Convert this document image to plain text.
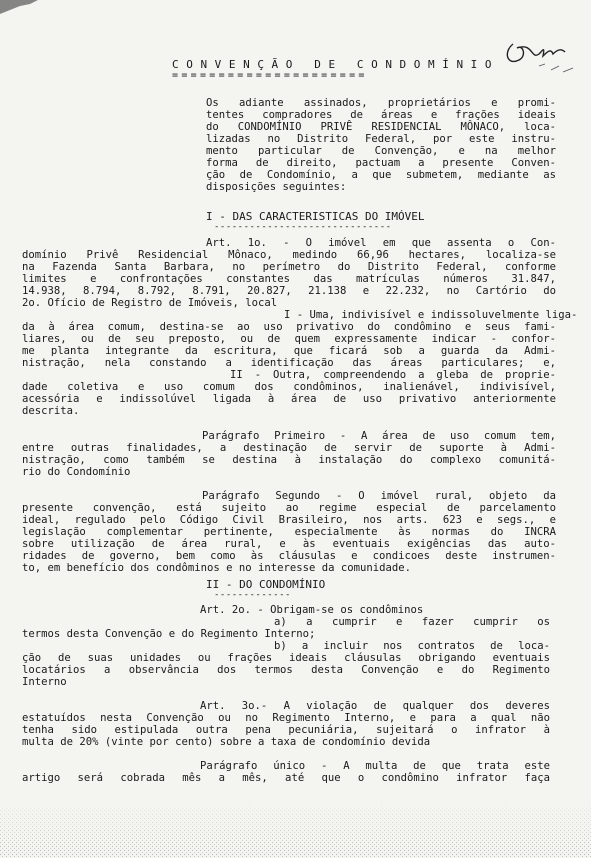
CONVENÇÃO DE CONDOMÍNIO
=====================
Os adiante assinados, proprietários e promi-
tentes compradores de áreas e frações ideais
do CONDOMÍNIO PRIVÊ RESIDENCIAL MÔNACO, loca-
lizadas no Distrito Federal, por este instru-
mento particular de Convenção, e na melhor
forma de direito, pactuam a presente Conven-
ção de Condomínio, a que submetem, mediante as
disposições seguintes:
I - DAS CARACTERISTICAS DO IMÓVEL
------------------------------
Art. 1o. - O imóvel em que assenta o Con-
domínio Privê Residencial Mônaco, medindo 66,96 hectares, localiza-se
na Fazenda Santa Barbara, no perímetro do Distrito Federal, conforme
limites e confrontações constantes das matrículas números 31.847,
14.938, 8.794, 8.792, 8.791, 20.827, 21.138 e 22.232, no Cartório do
2o. Ofício de Registro de Imóveis, local
I - Uma, indivisível e indissoluvelmente liga-
da à área comum, destina-se ao uso privativo do condômino e seus fami-
liares, ou de seu preposto, ou de quem expressamente indicar - confor-
me planta integrante da escritura, que ficará sob a guarda da Admi-
nistração, nela constando a identificação das áreas particulares; e,
II - Outra, compreendendo a gleba de proprie-
dade coletiva e uso comum dos condôminos, inalienável, indivisível,
acessória e indissolúvel ligada à área de uso privativo anteriormente
descrita.
Parágrafo Primeiro - A área de uso comum tem,
entre outras finalidades, a destinação de servir de suporte à Admi-
nistração, como também se destina à instalação do complexo comunitá-
rio do Condomínio
Parágrafo Segundo - O imóvel rural, objeto da
presente convenção, está sujeito ao regime especial de parcelamento
ideal, regulado pelo Código Civil Brasileiro, nos arts. 623 e segs., e
legislação complementar pertinente, especialmente às normas do INCRA
sobre utilização de área rural, e às eventuais exigências das auto-
ridades de governo, bem como às cláusulas e condicoes deste instrumen-
to, em benefício dos condôminos e no interesse da comunidade.
II - DO CONDOMÍNIO
-------------
Art. 2o. - Obrigam-se os condôminos
a) a cumprir e fazer cumprir os
termos desta Convenção e do Regimento Interno;
b) a incluir nos contratos de loca-
ção de suas unidades ou frações ideais cláusulas obrigando eventuais
locatários a observância dos termos desta Convenção e do Regimento
Interno
Art. 3o.- A violação de qualquer dos deveres
estatuídos nesta Convenção ou no Regimento Interno, e para a qual não
tenha sido estipulada outra pena pecuniária, sujeitará o infrator à
multa de 20% (vinte por cento) sobre a taxa de condomínio devida
Parágrafo único - A multa de que trata este
artigo será cobrada mês a mês, até que o condômino infrator faça
